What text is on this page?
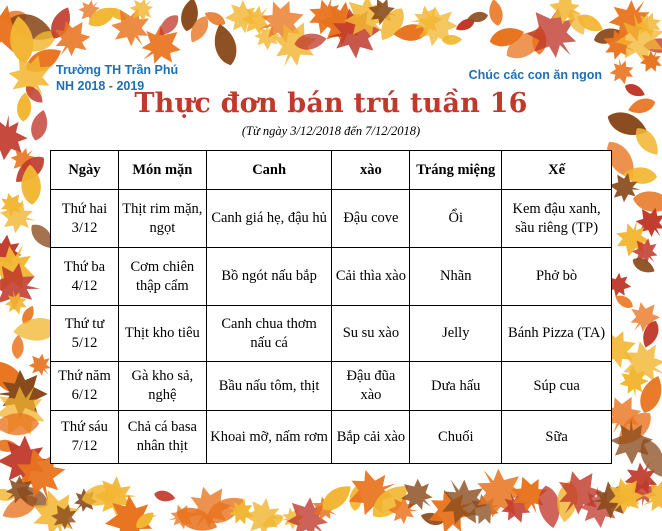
Trường TH Trần Phú
NH 2018 - 2019
Chúc các con ăn ngon
Thực đơn bán trú tuần 16
(Từ ngày 3/12/2018 đến 7/12/2018)
Ngày	Món mặn	Canh	xào	Tráng miệng	Xế

Thứ hai
3/12	Thịt rim mặn, ngọt	Canh giá hẹ, đậu hủ	Đậu cove	Ổi	Kem đậu xanh, sầu riêng (TP)

Thứ ba
4/12	Cơm chiên thập cẩm	Bồ ngót nấu bắp	Cải thìa xào	Nhãn	Phở bò

Thứ tư
5/12	Thịt kho tiêu	Canh chua thơm nấu cá	Su su xào	Jelly	Bánh Pizza (TA)

Thứ năm
6/12	Gà kho sả, nghệ	Bầu nấu tôm, thịt	Đậu đũa xào	Dưa hấu	Súp cua

Thứ sáu
7/12	Chả cá basa nhân thịt	Khoai mỡ, nấm rơm	Bắp cải xào	Chuối	Sữa
